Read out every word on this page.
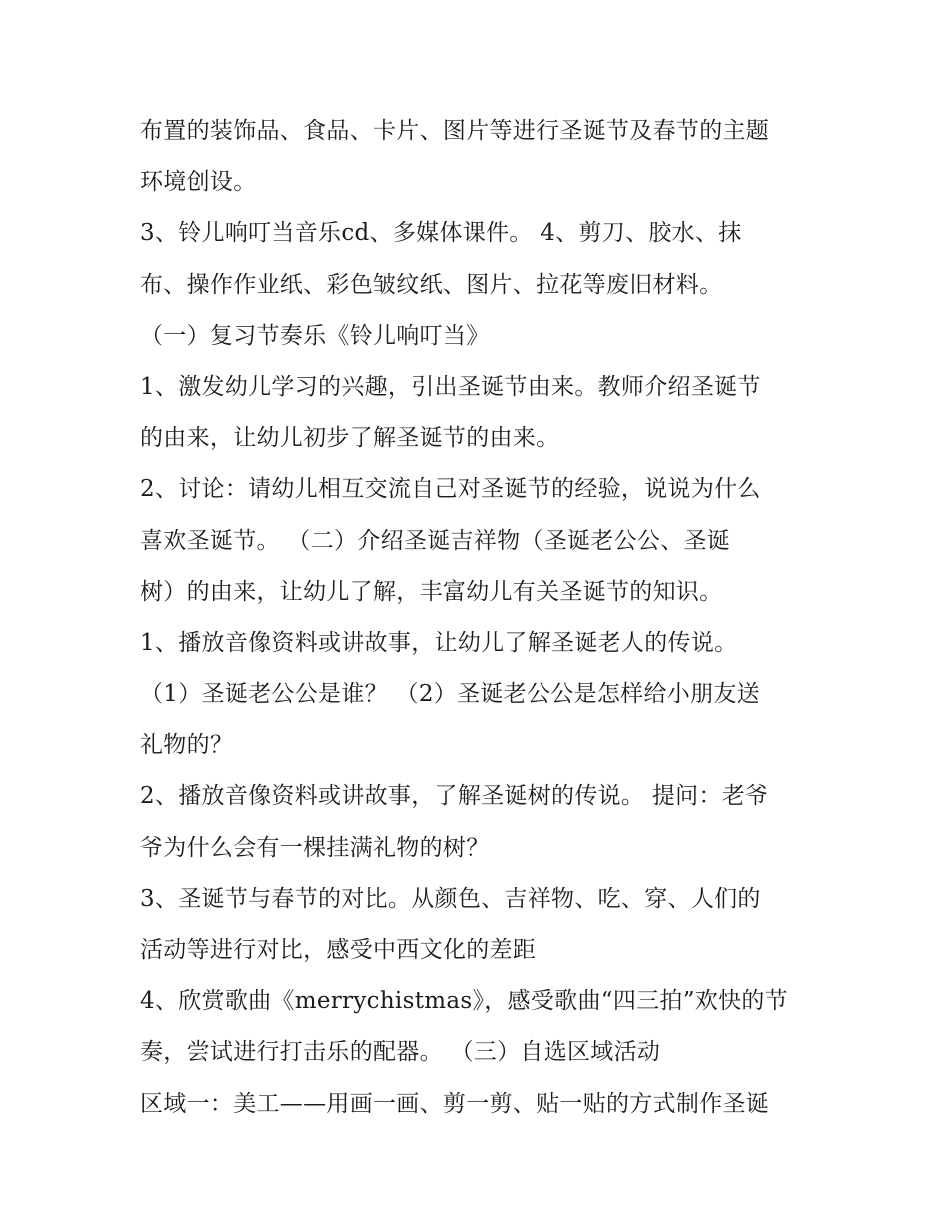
布置的装饰品、食品、卡片、图片等进行圣诞节及春节的主题
环境创设。
3、铃儿响叮当音乐cd、多媒体课件。 4、剪刀、胶水、抹
布、操作作业纸、彩色皱纹纸、图片、拉花等废旧材料。
（一）复习节奏乐《铃儿响叮当》
1、激发幼儿学习的兴趣，引出圣诞节由来。教师介绍圣诞节
的由来，让幼儿初步了解圣诞节的由来。
2、讨论：请幼儿相互交流自己对圣诞节的经验，说说为什么
喜欢圣诞节。 （二）介绍圣诞吉祥物（圣诞老公公、圣诞
树）的由来，让幼儿了解，丰富幼儿有关圣诞节的知识。
1、播放音像资料或讲故事，让幼儿了解圣诞老人的传说。
（1）圣诞老公公是谁？ （2）圣诞老公公是怎样给小朋友送
礼物的？
2、播放音像资料或讲故事，了解圣诞树的传说。 提问：老爷
爷为什么会有一棵挂满礼物的树？
3、圣诞节与春节的对比。从颜色、吉祥物、吃、穿、人们的
活动等进行对比，感受中西文化的差距
4、欣赏歌曲《merrychistmas》，感受歌曲“四三拍”欢快的节
奏，尝试进行打击乐的配器。 （三）自选区域活动
区域一：美工——用画一画、剪一剪、贴一贴的方式制作圣诞
